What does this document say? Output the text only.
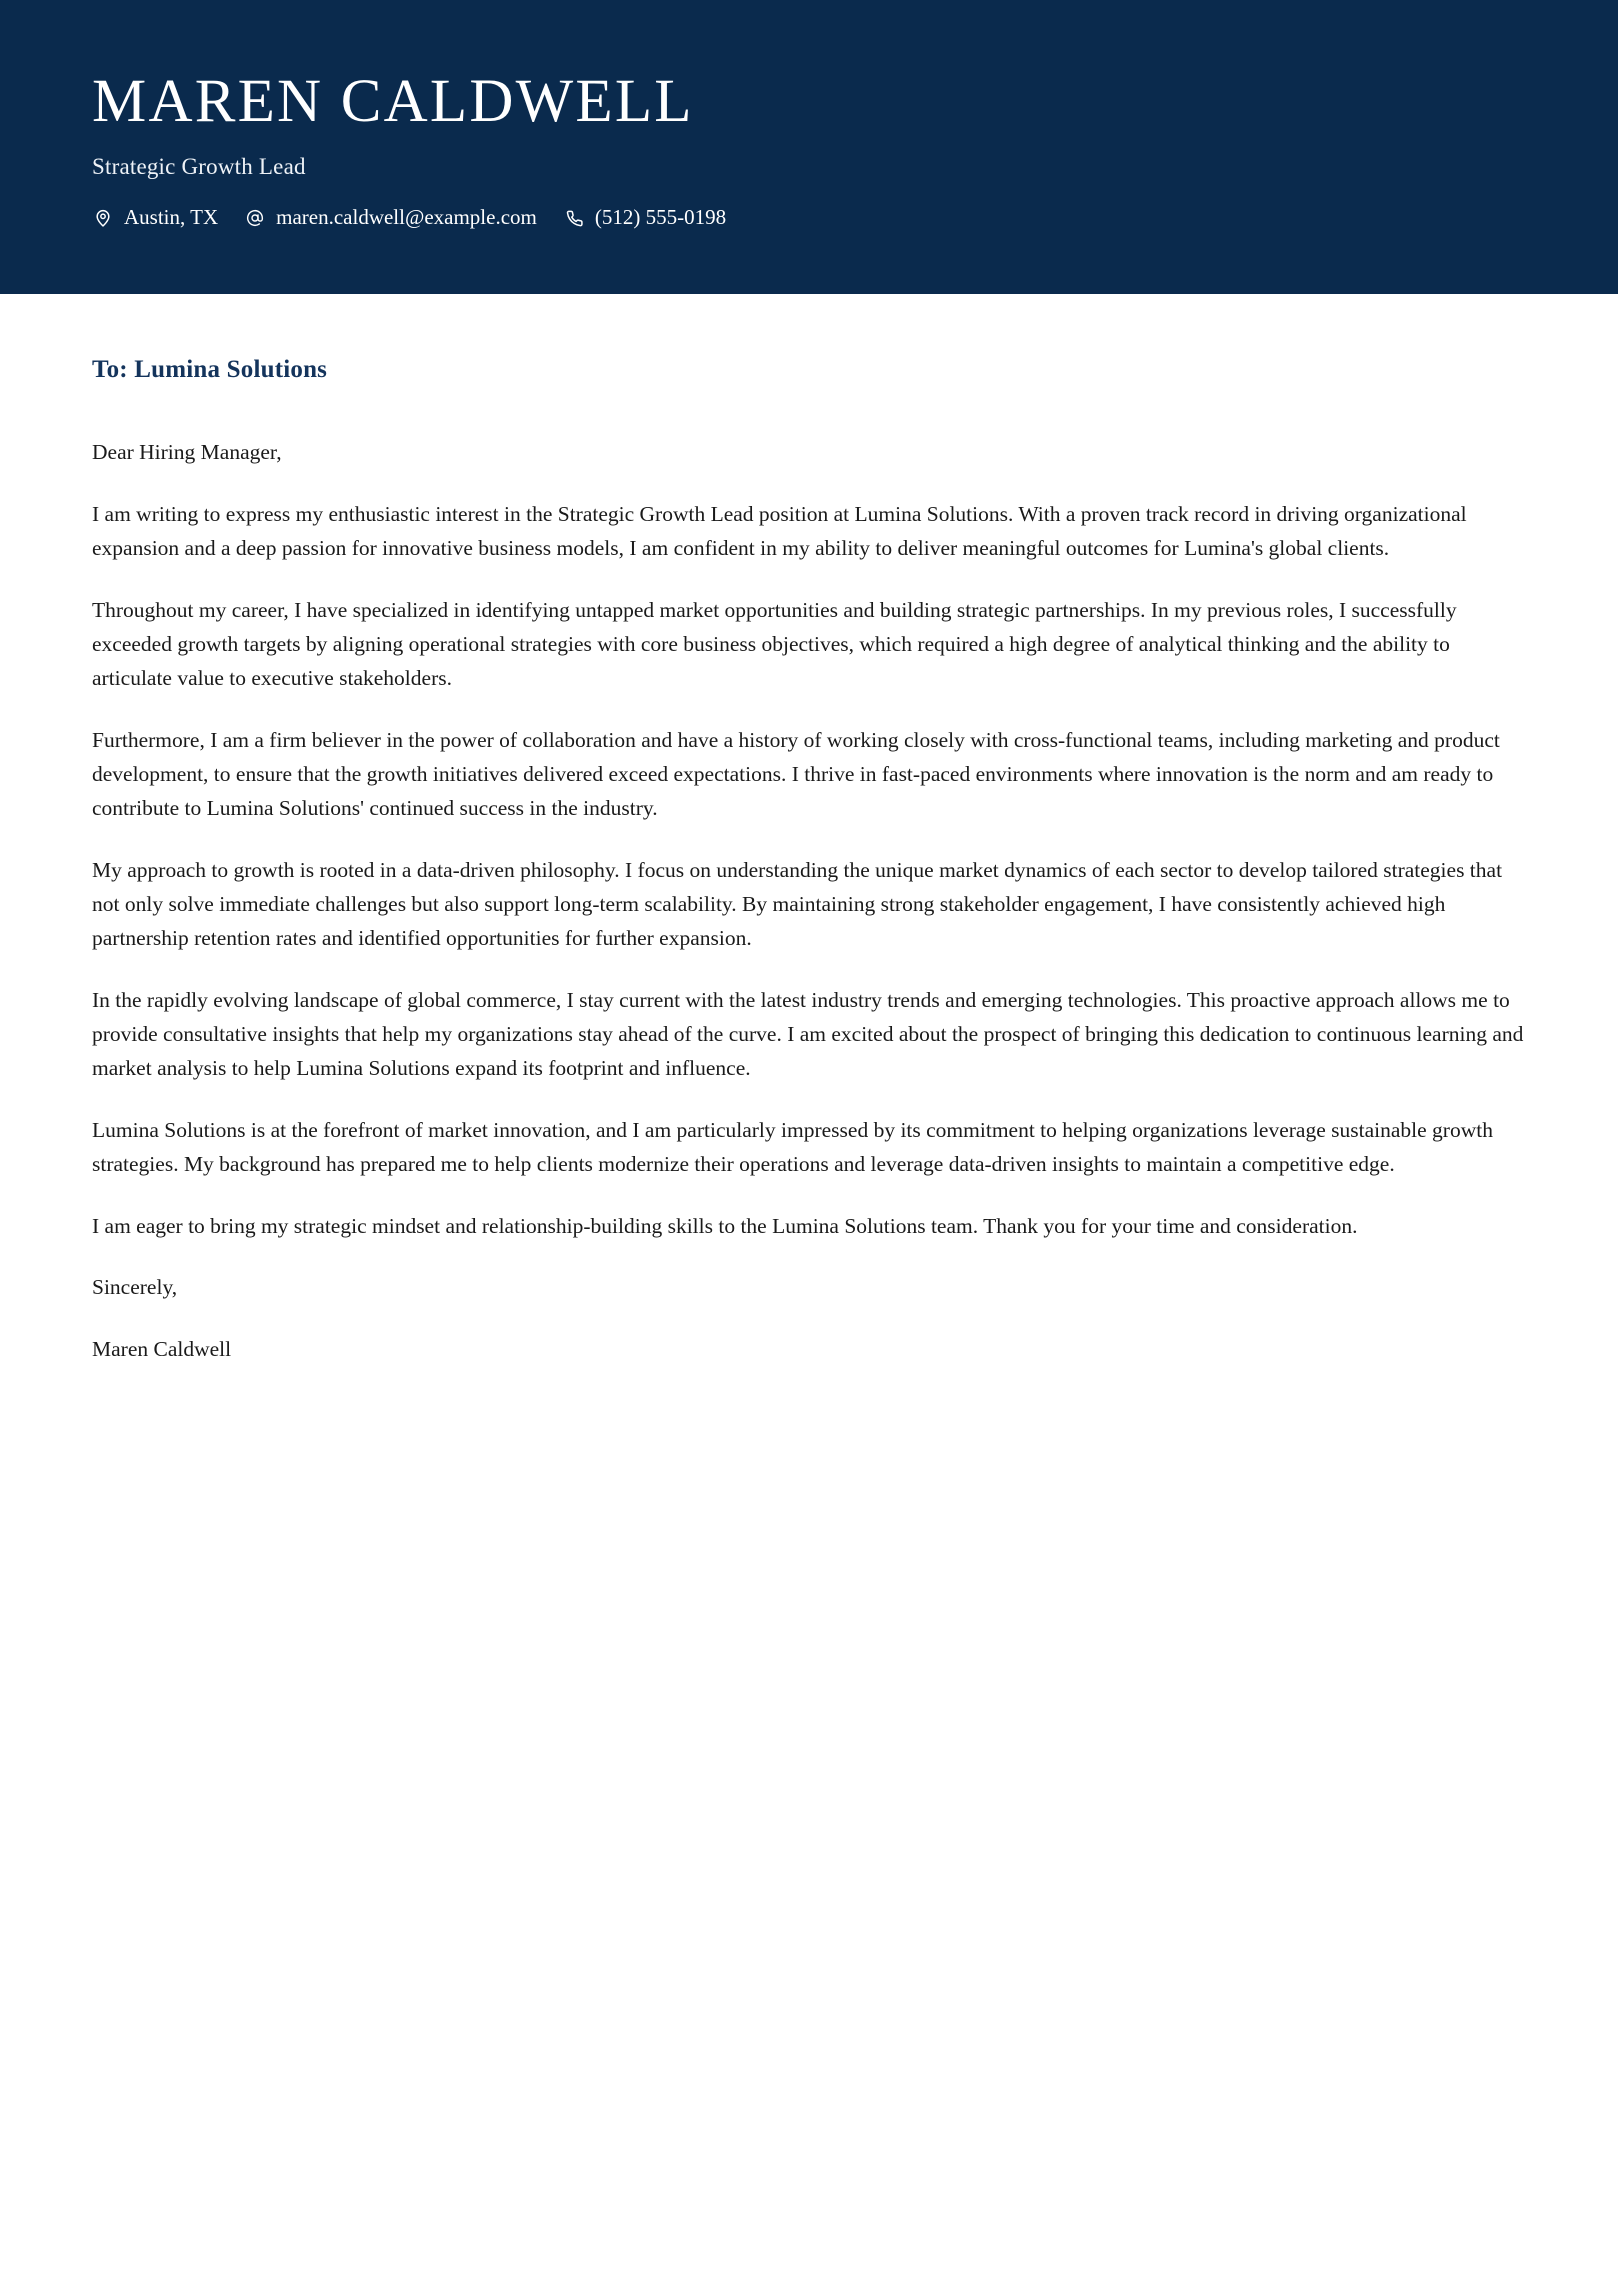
MAREN CALDWELL
Strategic Growth Lead
Austin, TX	maren.caldwell@example.com	(512) 555-0198
To: Lumina Solutions
Dear Hiring Manager,

I am writing to express my enthusiastic interest in the Strategic Growth Lead position at Lumina Solutions. With a proven track record in driving organizational expansion and a deep passion for innovative business models, I am confident in my ability to deliver meaningful outcomes for Lumina's global clients.

Throughout my career, I have specialized in identifying untapped market opportunities and building strategic partnerships. In my previous roles, I successfully exceeded growth targets by aligning operational strategies with core business objectives, which required a high degree of analytical thinking and the ability to articulate value to executive stakeholders.

Furthermore, I am a firm believer in the power of collaboration and have a history of working closely with cross-functional teams, including marketing and product development, to ensure that the growth initiatives delivered exceed expectations. I thrive in fast-paced environments where innovation is the norm and am ready to contribute to Lumina Solutions' continued success in the industry.

My approach to growth is rooted in a data-driven philosophy. I focus on understanding the unique market dynamics of each sector to develop tailored strategies that not only solve immediate challenges but also support long-term scalability. By maintaining strong stakeholder engagement, I have consistently achieved high partnership retention rates and identified opportunities for further expansion.

In the rapidly evolving landscape of global commerce, I stay current with the latest industry trends and emerging technologies. This proactive approach allows me to provide consultative insights that help my organizations stay ahead of the curve. I am excited about the prospect of bringing this dedication to continuous learning and market analysis to help Lumina Solutions expand its footprint and influence.

Lumina Solutions is at the forefront of market innovation, and I am particularly impressed by its commitment to helping organizations leverage sustainable growth strategies. My background has prepared me to help clients modernize their operations and leverage data-driven insights to maintain a competitive edge.

I am eager to bring my strategic mindset and relationship-building skills to the Lumina Solutions team. Thank you for your time and consideration.

Sincerely,
Maren Caldwell
